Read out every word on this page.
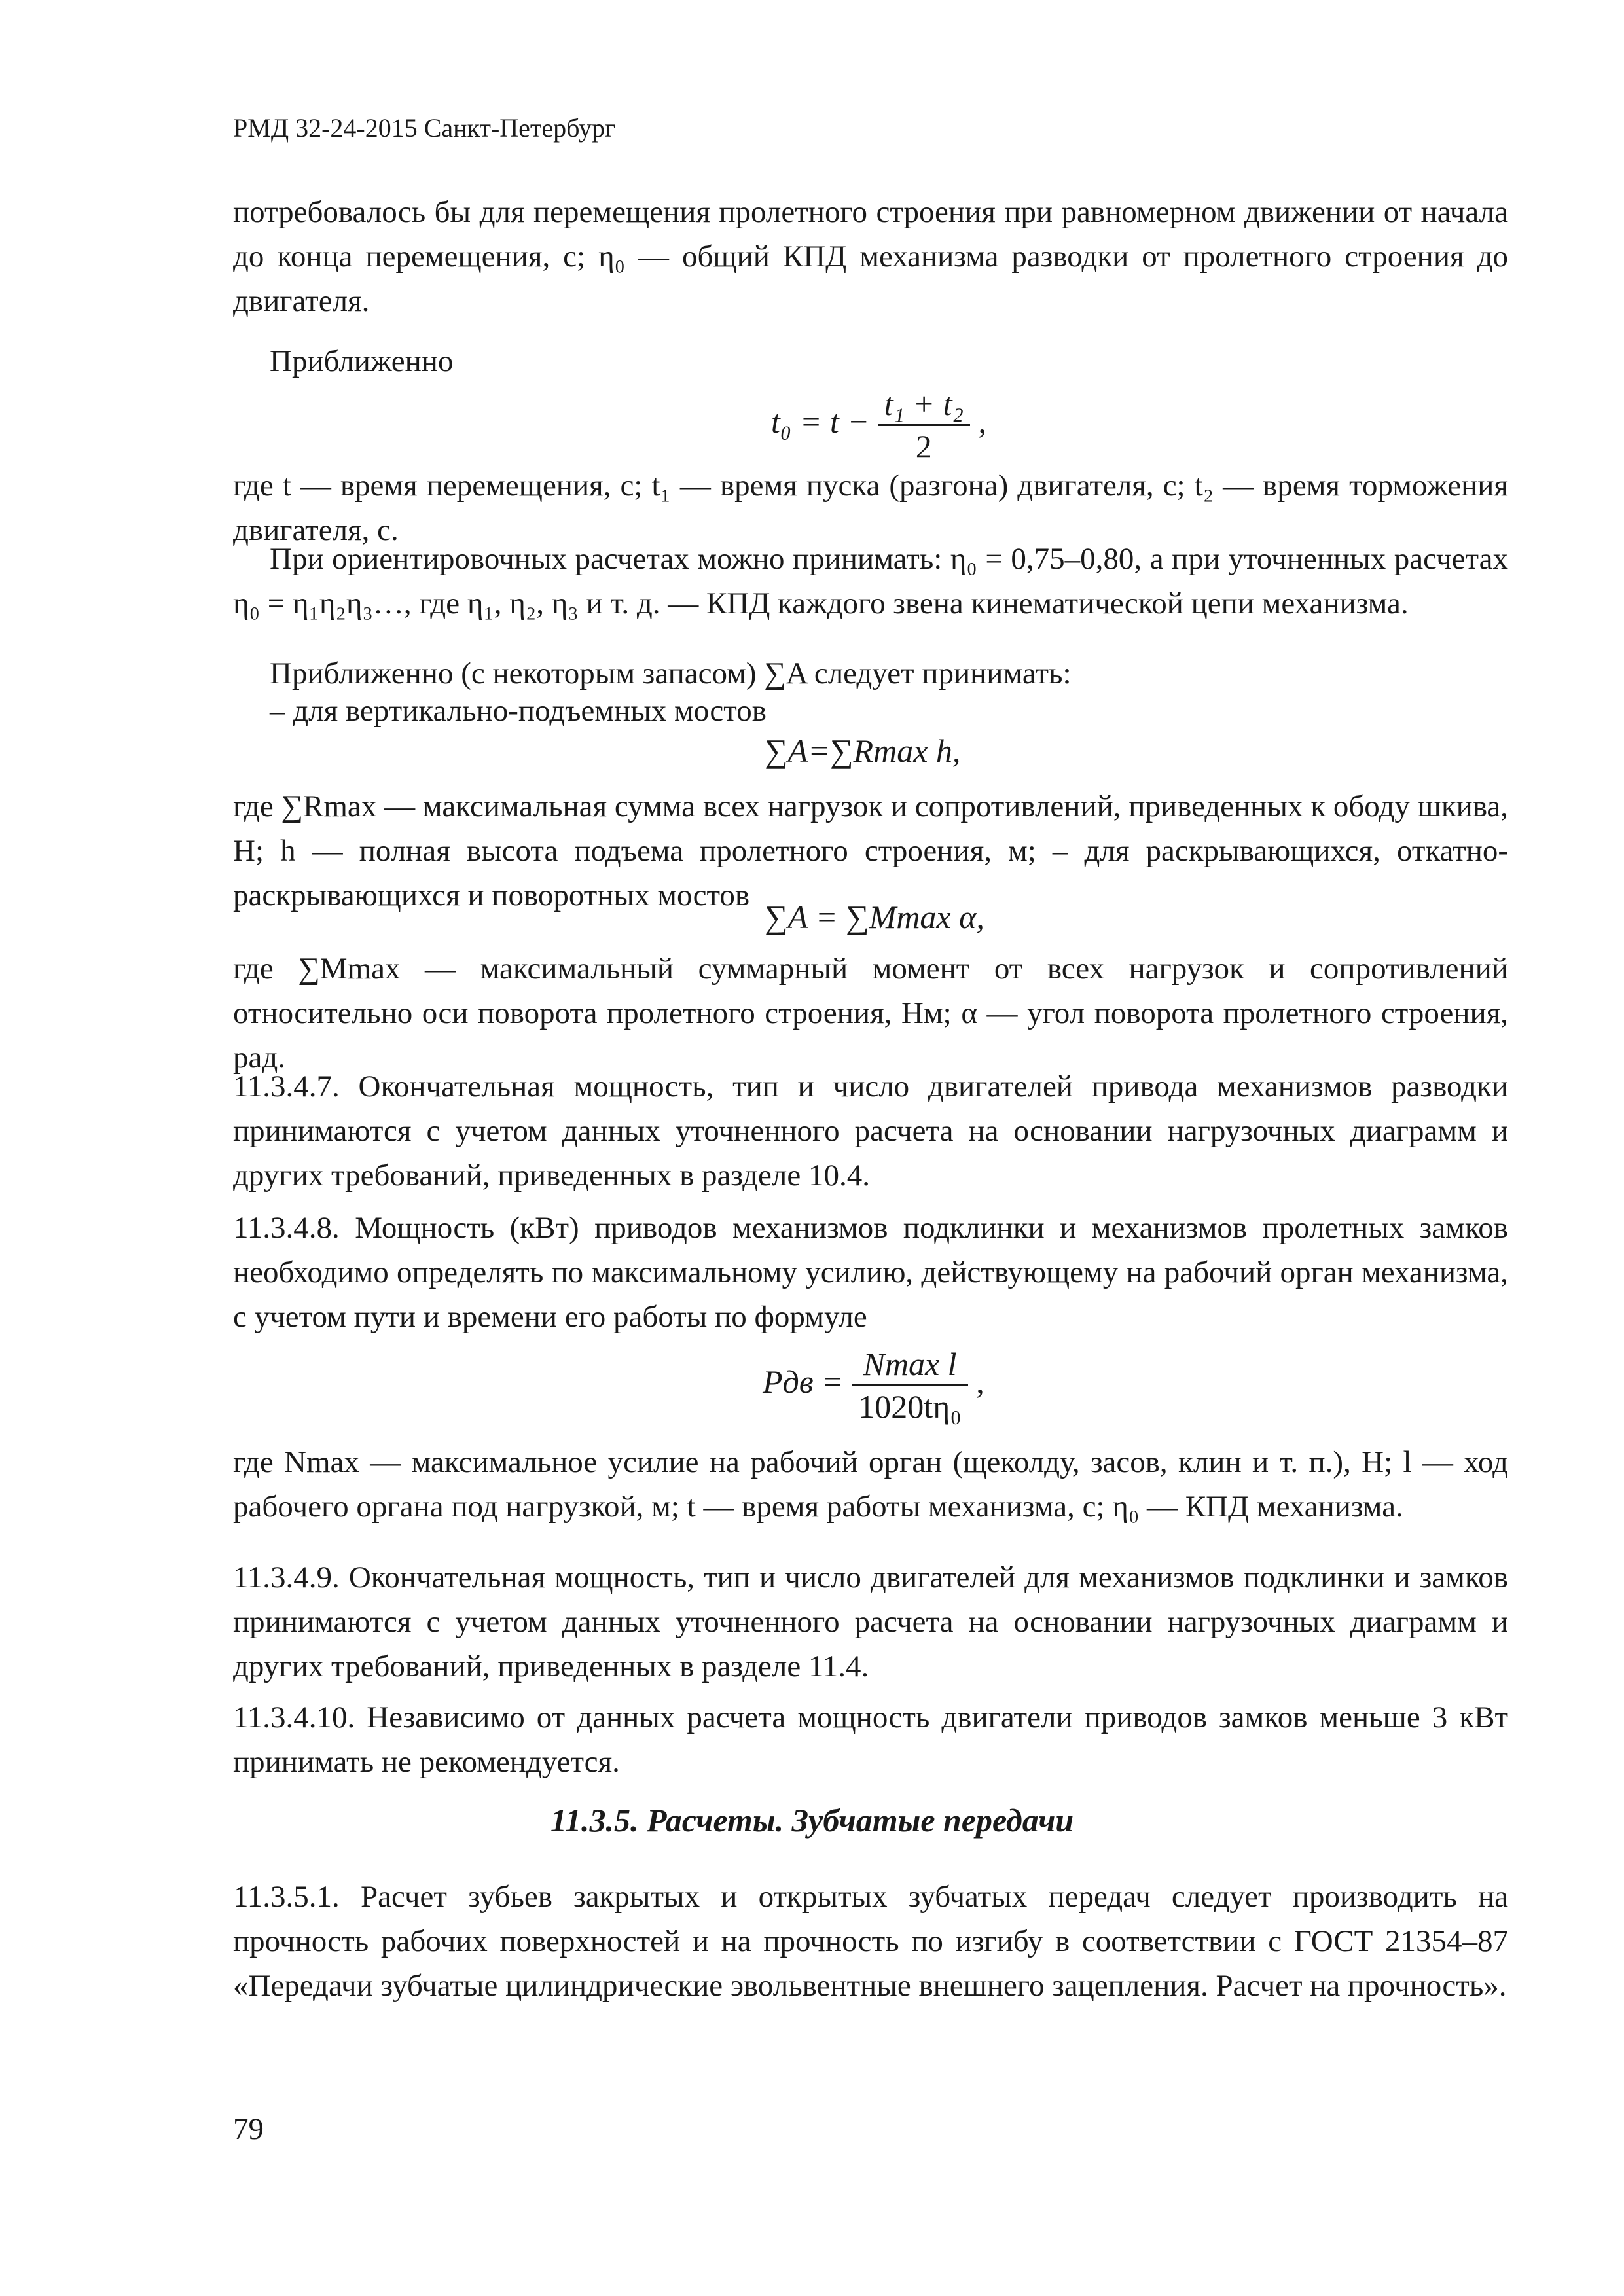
РМД 32-24-2015 Санкт-Петербург
потребовалось бы для перемещения пролетного строения при равномерном движении от начала до конца перемещения, с; η₀ — общий КПД механизма разводки от пролетного строения до двигателя.
Приближенно
$t_0 = t - \frac{\text{t₁ + t₂}}{2}$ ,
где t — время перемещения, с; t₁ — время пуска (разгона) двигателя, с; t₂ — время торможения двигателя, с.
При ориентировочных расчетах можно принимать: η₀ = 0,75–0,80, а при уточненных расчетах η₀ = η₁η₂η₃…, где η₁, η₂, η₃ и т. д. — КПД каждого звена кинематической цепи механизма.
Приближенно (с некоторым запасом) ∑A следует принимать:
– для вертикально-подъемных мостов
∑A=∑Rmax h,
где ∑Rmax — максимальная сумма всех нагрузок и сопротивлений, приведенных к ободу шкива, Н; h — полная высота подъема пролетного строения, м; – для раскрывающихся, откатно-раскрывающихся и поворотных мостов
∑A = ∑Mmax α,
где ∑Mmax — максимальный суммарный момент от всех нагрузок и сопротивлений относительно оси поворота пролетного строения, Нм; α — угол поворота пролетного строения, рад.
11.3.4.7. Окончательная мощность, тип и число двигателей привода механизмов разводки принимаются с учетом данных уточненного расчета на основании нагрузочных диаграмм и других требований, приведенных в разделе 10.4.
11.3.4.8. Мощность (кВт) приводов механизмов подклинки и механизмов пролетных замков необходимо определять по максимальному усилию, действующему на рабочий орган механизма, с учетом пути и времени его работы по формуле
Pдв = $\frac{\text{Nmax l}}{\text{1020tη₀}}$ ,
где Nmax — максимальное усилие на рабочий орган (щеколду, засов, клин и т. п.), Н; l — ход рабочего органа под нагрузкой, м; t — время работы механизма, с; η₀ — КПД механизма.
11.3.4.9. Окончательная мощность, тип и число двигателей для механизмов подклинки и замков принимаются с учетом данных уточненного расчета на основании нагрузочных диаграмм и других требований, приведенных в разделе 11.4.
11.3.4.10. Независимо от данных расчета мощность двигатели приводов замков меньше 3 кВт принимать не рекомендуется.
11.3.5. Расчеты. Зубчатые передачи
11.3.5.1. Расчет зубьев закрытых и открытых зубчатых передач следует производить на прочность рабочих поверхностей и на прочность по изгибу в соответствии с ГОСТ 21354–87 «Передачи зубчатые цилиндрические эвольвентные внешнего зацепления. Расчет на прочность».
79
